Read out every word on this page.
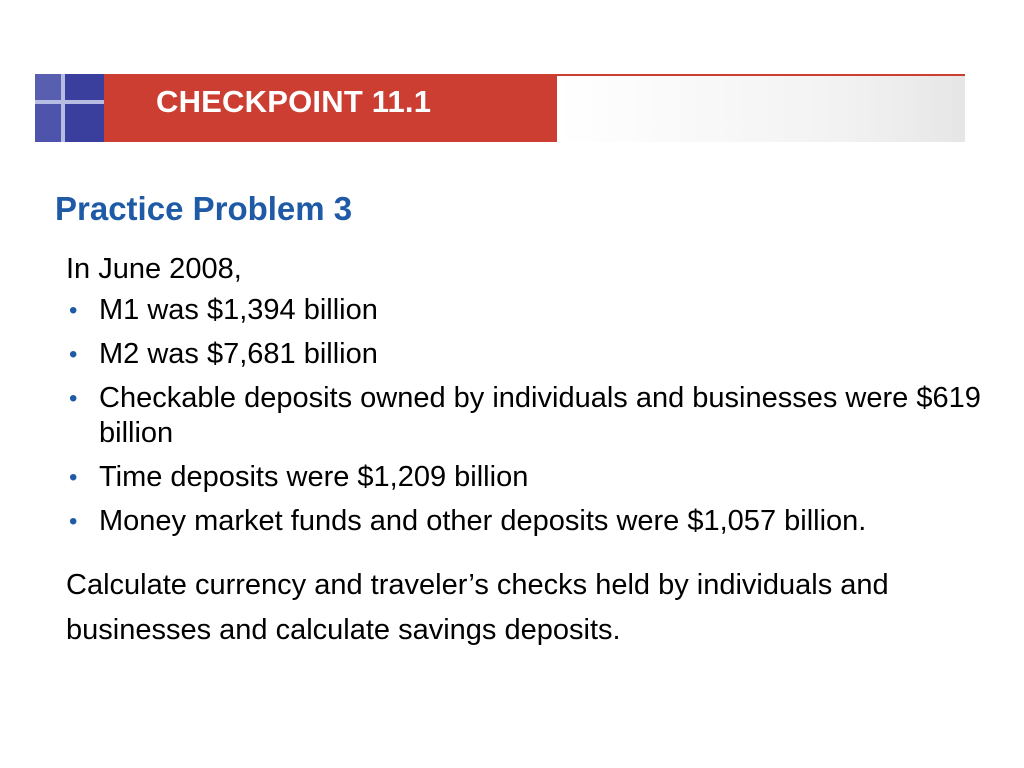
CHECKPOINT 11.1
Practice Problem 3
In June 2008,
• M1 was $1,394 billion
• M2 was $7,681 billion
• Checkable deposits owned by individuals and businesses were $619 billion
• Time deposits were $1,209 billion
• Money market funds and other deposits were $1,057 billion.
Calculate currency and traveler’s checks held by individuals and businesses and calculate savings deposits.
